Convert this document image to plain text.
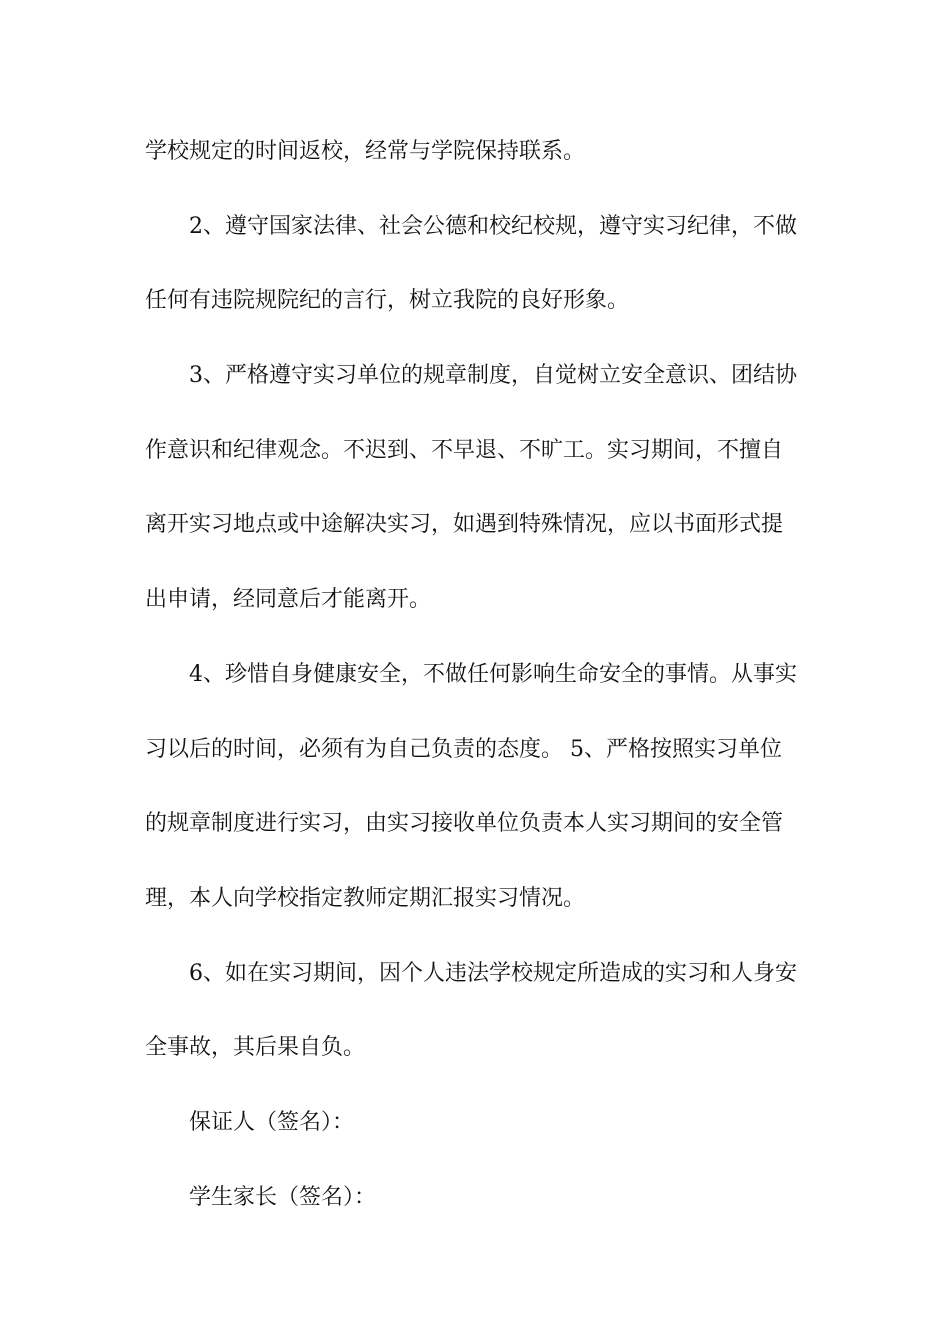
学校规定的时间返校，经常与学院保持联系。
2、遵守国家法律、社会公德和校纪校规，遵守实习纪律，不做
任何有违院规院纪的言行，树立我院的良好形象。
3、严格遵守实习单位的规章制度，自觉树立安全意识、团结协
作意识和纪律观念。不迟到、不早退、不旷工。实习期间，不擅自
离开实习地点或中途解决实习，如遇到特殊情况，应以书面形式提
出申请，经同意后才能离开。
4、珍惜自身健康安全，不做任何影响生命安全的事情。从事实
习以后的时间，必须有为自己负责的态度。 5、严格按照实习单位
的规章制度进行实习，由实习接收单位负责本人实习期间的安全管
理，本人向学校指定教师定期汇报实习情况。
6、如在实习期间，因个人违法学校规定所造成的实习和人身安
全事故，其后果自负。
保证人（签名）：
学生家长（签名）：
